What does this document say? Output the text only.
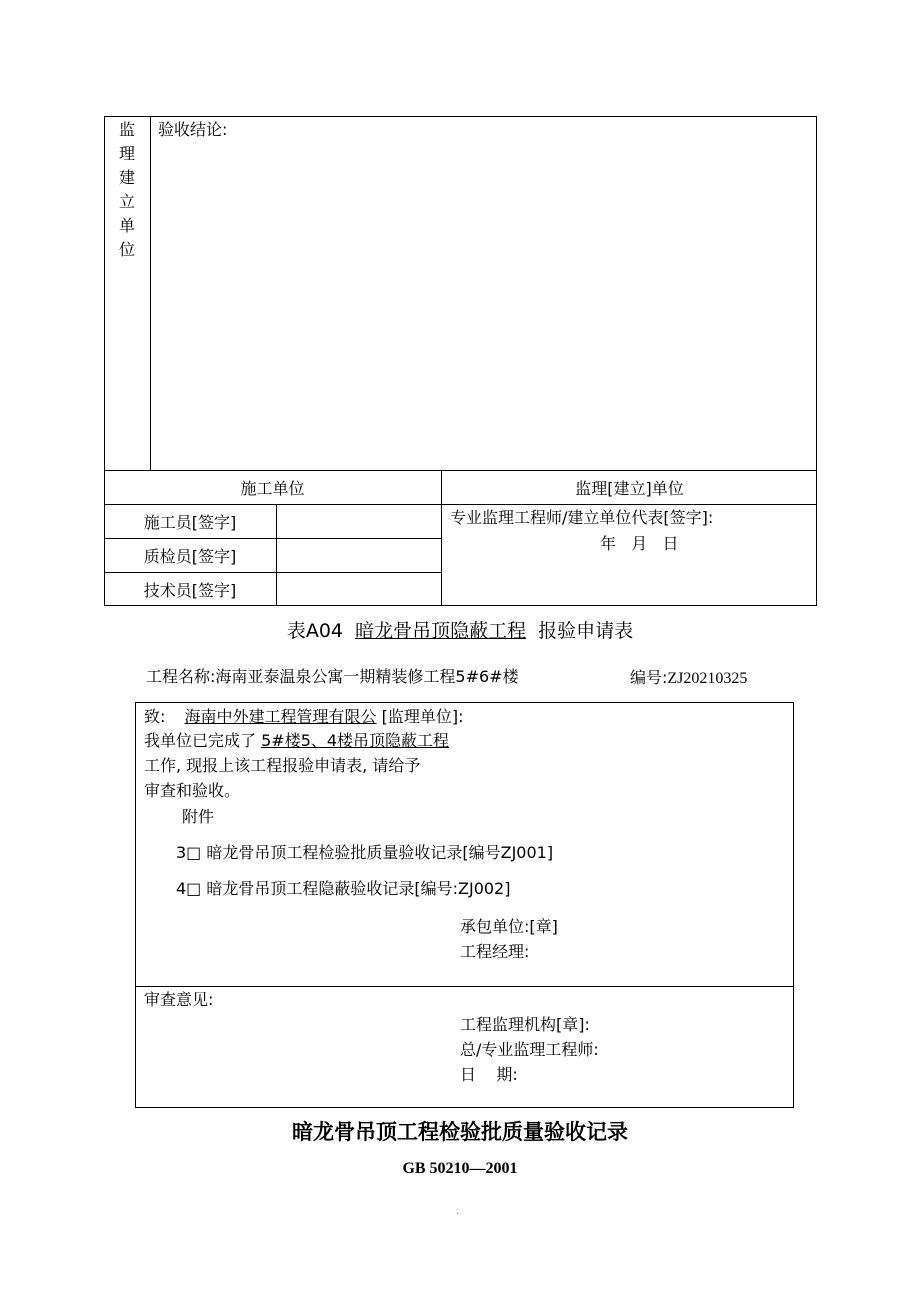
监
理
建
立
单
位
验收结论:
施工单位	监理[建立]单位
施工员[签字]
质检员[签字]
技术员[签字]
专业监理工程师/建立单位代表[签字]:
年   月   日
表A04 暗龙骨吊顶隐蔽工程 报验申请表
工程名称:海南亚泰温泉公寓一期精装修工程5#6#楼	编号:ZJ20210325
致: 海南中外建工程管理有限公 [监理单位]:
我单位已完成了 5#楼5、4楼吊顶隐蔽工程
工作, 现报上该工程报验申请表, 请给予
审查和验收。
附件
3□ 暗龙骨吊顶工程检验批质量验收记录[编号ZJ001]
4□ 暗龙骨吊顶工程隐蔽验收记录[编号:ZJ002]
承包单位:[章]
工程经理:
审查意见:
工程监理机构[章]:
总/专业监理工程师:
日    期:
暗龙骨吊顶工程检验批质量验收记录
GB 50210—2001
.
